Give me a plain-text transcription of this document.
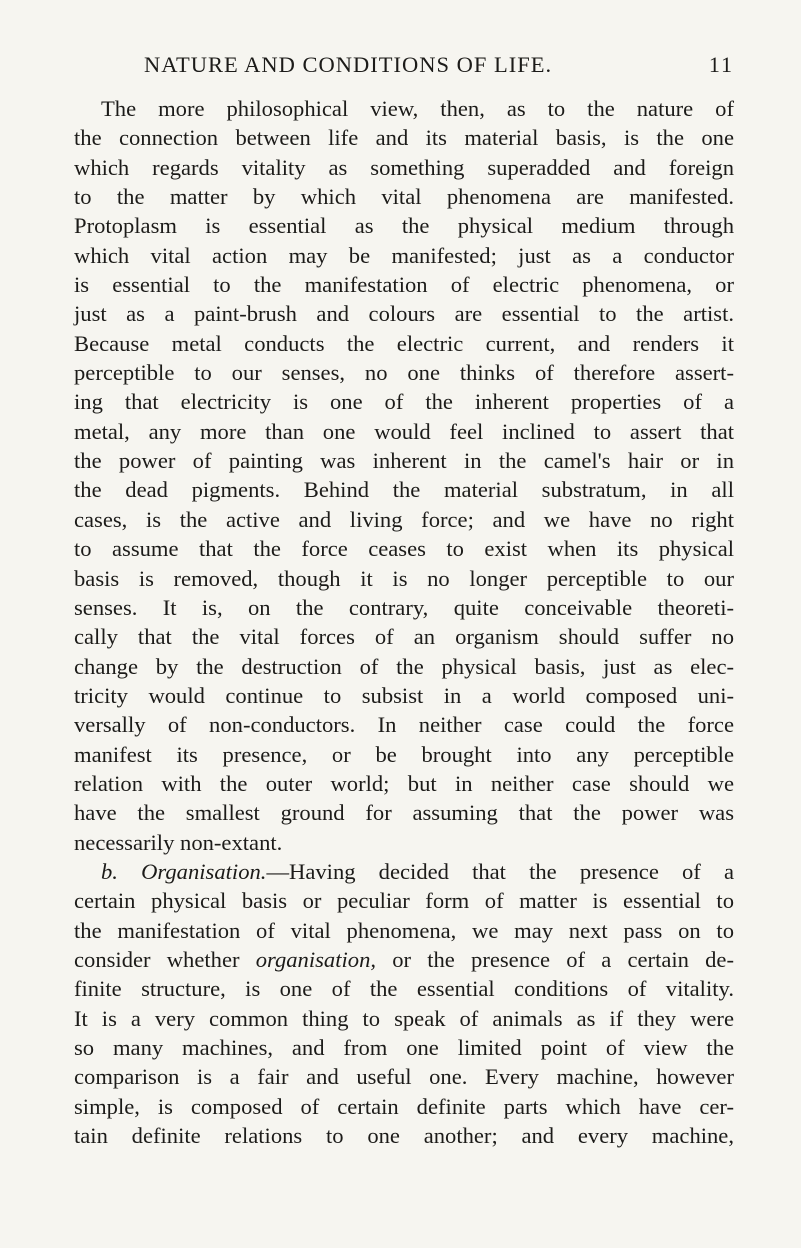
NATURE AND CONDITIONS OF LIFE.	11
The more philosophical view, then, as to the nature of
the connection between life and its material basis, is the one
which regards vitality as something superadded and foreign
to the matter by which vital phenomena are manifested.
Protoplasm is essential as the physical medium through
which vital action may be manifested; just as a conductor
is essential to the manifestation of electric phenomena, or
just as a paint-brush and colours are essential to the artist.
Because metal conducts the electric current, and renders it
perceptible to our senses, no one thinks of therefore assert-
ing that electricity is one of the inherent properties of a
metal, any more than one would feel inclined to assert that
the power of painting was inherent in the camel's hair or in
the dead pigments. Behind the material substratum, in all
cases, is the active and living force; and we have no right
to assume that the force ceases to exist when its physical
basis is removed, though it is no longer perceptible to our
senses. It is, on the contrary, quite conceivable theoreti-
cally that the vital forces of an organism should suffer no
change by the destruction of the physical basis, just as elec-
tricity would continue to subsist in a world composed uni-
versally of non-conductors. In neither case could the force
manifest its presence, or be brought into any perceptible
relation with the outer world; but in neither case should we
have the smallest ground for assuming that the power was
necessarily non-extant.
b. Organisation.—Having decided that the presence of a
certain physical basis or peculiar form of matter is essential to
the manifestation of vital phenomena, we may next pass on to
consider whether organisation, or the presence of a certain de-
finite structure, is one of the essential conditions of vitality.
It is a very common thing to speak of animals as if they were
so many machines, and from one limited point of view the
comparison is a fair and useful one. Every machine, however
simple, is composed of certain definite parts which have cer-
tain definite relations to one another; and every machine,
